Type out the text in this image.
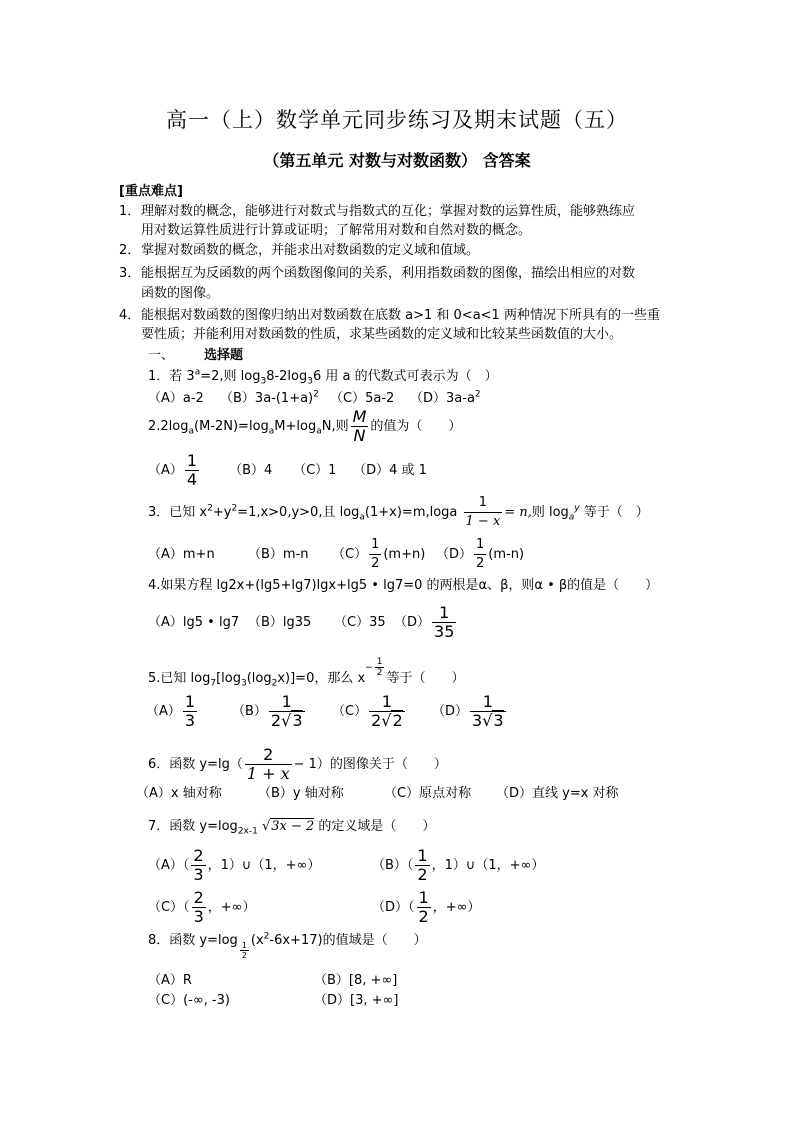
高一（上）数学单元同步练习及期末试题（五）
（第五单元 对数与对数函数） 含答案
[重点难点]
1．理解对数的概念，能够进行对数式与指数式的互化；掌握对数的运算性质，能够熟练应
用对数运算性质进行计算或证明；了解常用对数和自然对数的概念。
2．掌握对数函数的概念，并能求出对数函数的定义域和值域。
3．能根据互为反函数的两个函数图像间的关系，利用指数函数的图像，描绘出相应的对数
函数的图像。
4．能根据对数函数的图像归纳出对数函数在底数 a>1 和 0<a<1 两种情况下所具有的一些重
要性质；并能利用对数函数的性质，求某些函数的定义域和比较某些函数值的大小。
一、 选择题
1．若 $3^a=2$,则 $\log_38-2\log_36$ 用 a 的代数式可表示为（　）
（A）a-2 $(B)3a-(1+a)^2$ （C）5a-2 $(D)3a-a^2$
$2.2\log_a(M-2N)=\log_aM+\log_aN$,则 $\frac{M}{N}$ 的值为（　　）
$(A) \frac{1}{4} (B)4$ （C）1 （D）4 或 1
3．已知 $x^2+y^2=1,x>0,y>0$,且 $\log_a(1+x)=m,\log a \frac{1}{1 - x} = n$,则 $\log_a^y$ 等于（　）
（A）m+n	（B）m-n $(C) \frac{1}{2} (m+n)$ $(D) \frac{1}{2} (m-n)$
4.如果方程 lg2x+(lg5+lg7)lgx+lg5 • lg7=0 的两根是α、β，则α • β的值是（　　）
（A）lg5 • lg7 （B）lg35 （C）35 $(D) \frac{1}{35}$
5.已知 $\log_7[\log_3(\log_2x)]=0$，那么 $x- \frac{1}{2}$
等于（　　）
$(A) \frac{1}{3}$	$(B) \frac{1}{2√3} (C) \frac{1}{2√2} (D) \frac{1}{3√3}$
6．函数 $y=\lg( \frac{2}{1 + x} - 1)$的图像关于（　　）
（A）x 轴对称	（B）y 轴对称	（C）原点对称 （D）直线 y=x 对称
7．函数 $y=\log_{2x-1}$ √3x − 2 的定义域是（　　）
$(A)( \frac{2}{3}$ ，1）∪（1，+∞）	$(B)( \frac{1}{2}$ ，1）∪（1，+∞）
$(C)( \frac{2}{3}$ ，+∞）	$(D)( \frac{1}{2}$ ，+∞）
8．函数 y=log
$\frac{1}{2}$
$(x^2-6x+17)$的值域是（　　）
（A）R	（B）[8, +∞]
（C）(-∞, -3)	（D）[3, +∞]
